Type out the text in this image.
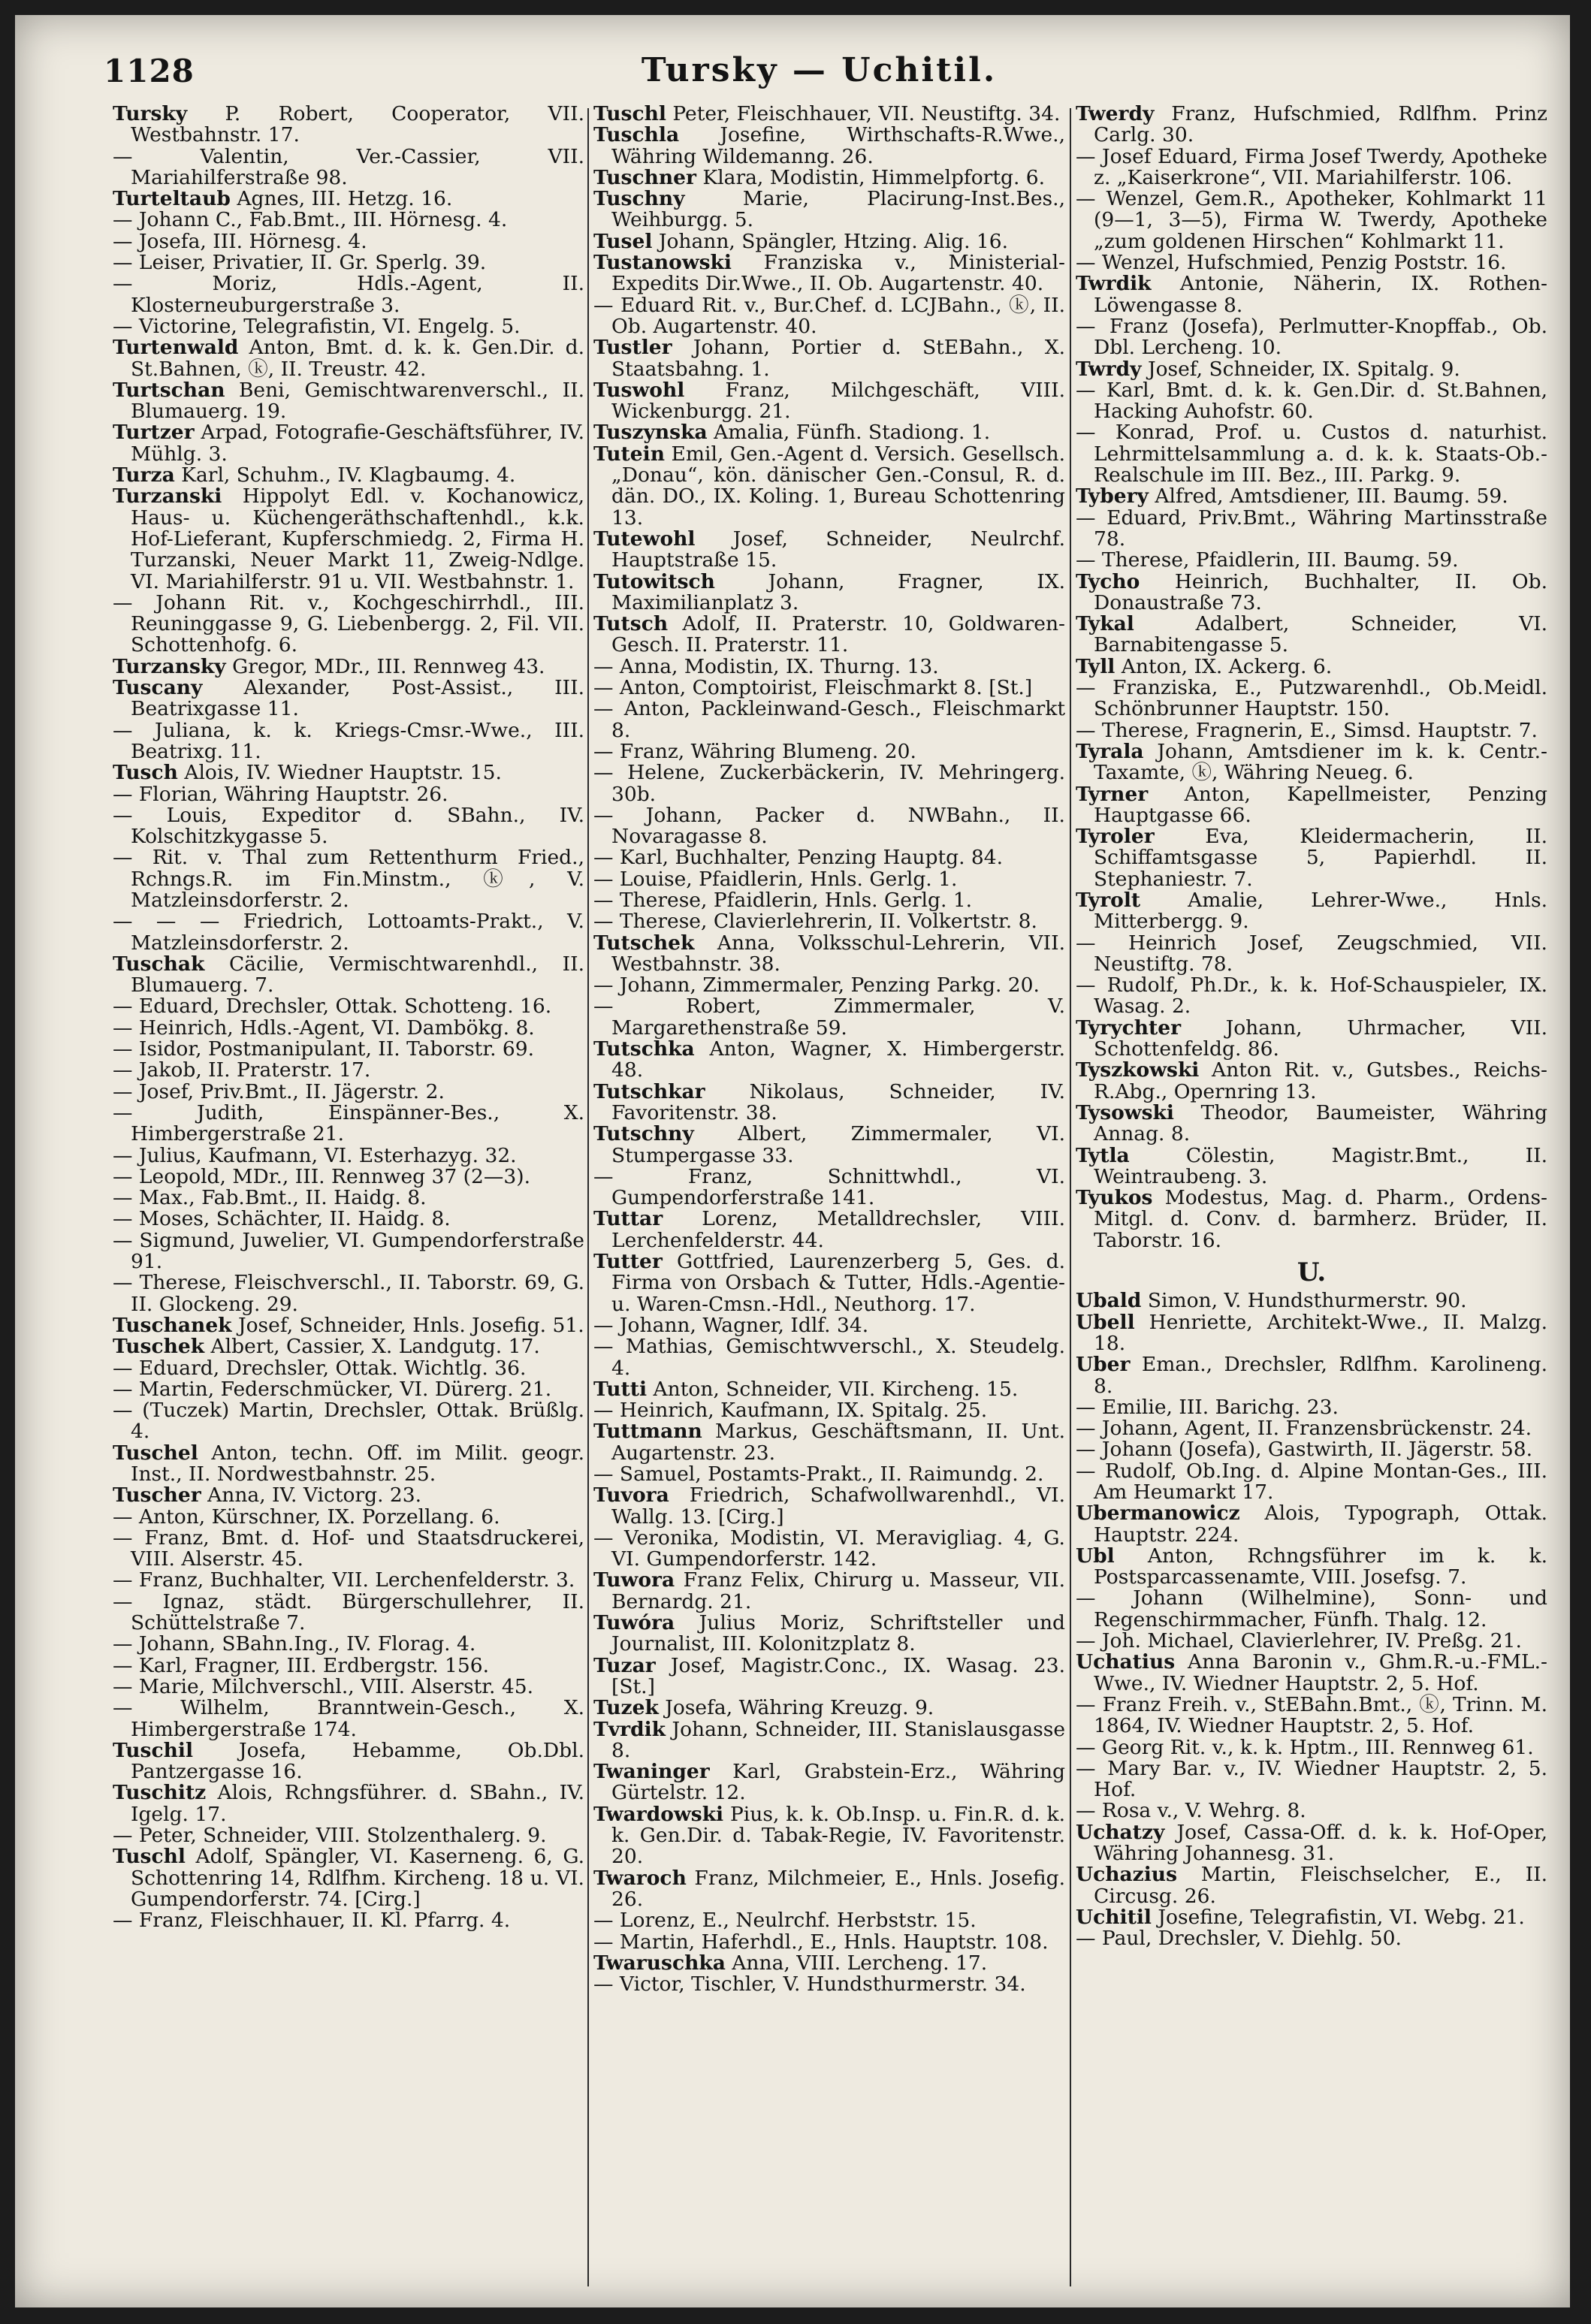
1128	Tursky — Uchitil.
Tursky P. Robert, Cooperator, VII. Westbahnstr. 17.
— Valentin, Ver.-Cassier, VII. Mariahilferstraße 98.
Turteltaub Agnes, III. Hetzg. 16.
— Johann C., Fab.Bmt., III. Hörnesg. 4.
— Josefa, III. Hörnesg. 4.
— Leiser, Privatier, II. Gr. Sperlg. 39.
— Moriz, Hdls.-Agent, II. Klosterneuburgerstraße 3.
— Victorine, Telegrafistin, VI. Engelg. 5.
Turtenwald Anton, Bmt. d. k. k. Gen.Dir. d. St.Bahnen, ⓚ, II. Treustr. 42.
Turtschan Beni, Gemischtwarenverschl., II. Blumauerg. 19.
Turtzer Arpad, Fotografie-Geschäftsführer, IV. Mühlg. 3.
Turza Karl, Schuhm., IV. Klagbaumg. 4.
Turzanski Hippolyt Edl. v. Kochanowicz, Haus- u. Küchengeräthschaftenhdl., k.k. Hof-Lieferant, Kupferschmiedg. 2, Firma H. Turzanski, Neuer Markt 11, Zweig-Ndlge. VI. Mariahilferstr. 91 u. VII. Westbahnstr. 1.
— Johann Rit. v., Kochgeschirrhdl., III. Reuninggasse 9, G. Liebenbergg. 2, Fil. VII. Schottenhofg. 6.
Turzansky Gregor, MDr., III. Rennweg 43.
Tuscany Alexander, Post-Assist., III. Beatrixgasse 11.
— Juliana, k. k. Kriegs-Cmsr.-Wwe., III. Beatrixg. 11.
Tusch Alois, IV. Wiedner Hauptstr. 15.
— Florian, Währing Hauptstr. 26.
— Louis, Expeditor d. SBahn., IV. Kolschitzkygasse 5.
— Rit. v. Thal zum Rettenthurm Fried., Rchngs.R. im Fin.Minstm., ⓚ, V. Matzleinsdorferstr. 2.
— — — Friedrich, Lottoamts-Prakt., V. Matzleinsdorferstr. 2.
Tuschak Cäcilie, Vermischtwarenhdl., II. Blumauerg. 7.
— Eduard, Drechsler, Ottak. Schotteng. 16.
— Heinrich, Hdls.-Agent, VI. Dambökg. 8.
— Isidor, Postmanipulant, II. Taborstr. 69.
— Jakob, II. Praterstr. 17.
— Josef, Priv.Bmt., II. Jägerstr. 2.
— Judith, Einspänner-Bes., X. Himbergerstraße 21.
— Julius, Kaufmann, VI. Esterhazyg. 32.
— Leopold, MDr., III. Rennweg 37 (2—3).
— Max., Fab.Bmt., II. Haidg. 8.
— Moses, Schächter, II. Haidg. 8.
— Sigmund, Juwelier, VI. Gumpendorferstraße 91.
— Therese, Fleischverschl., II. Taborstr. 69, G. II. Glockeng. 29.
Tuschanek Josef, Schneider, Hnls. Josefig. 51.
Tuschek Albert, Cassier, X. Landgutg. 17.
— Eduard, Drechsler, Ottak. Wichtlg. 36.
— Martin, Federschmücker, VI. Dürerg. 21.
— (Tuczek) Martin, Drechsler, Ottak. Brüßlg. 4.
Tuschel Anton, techn. Off. im Milit. geogr. Inst., II. Nordwestbahnstr. 25.
Tuscher Anna, IV. Victorg. 23.
— Anton, Kürschner, IX. Porzellang. 6.
— Franz, Bmt. d. Hof- und Staatsdruckerei, VIII. Alserstr. 45.
— Franz, Buchhalter, VII. Lerchenfelderstr. 3.
— Ignaz, städt. Bürgerschullehrer, II. Schüttelstraße 7.
— Johann, SBahn.Ing., IV. Florag. 4.
— Karl, Fragner, III. Erdbergstr. 156.
— Marie, Milchverschl., VIII. Alserstr. 45.
— Wilhelm, Branntwein-Gesch., X. Himbergerstraße 174.
Tuschil Josefa, Hebamme, Ob.Dbl. Pantzergasse 16.
Tuschitz Alois, Rchngsführer. d. SBahn., IV. Igelg. 17.
— Peter, Schneider, VIII. Stolzenthalerg. 9.
Tuschl Adolf, Spängler, VI. Kaserneng. 6, G. Schottenring 14, Rdlfhm. Kircheng. 18 u. VI. Gumpendorferstr. 74. [Cirg.]
— Franz, Fleischhauer, II. Kl. Pfarrg. 4.
Tuschl Peter, Fleischhauer, VII. Neustiftg. 34.
Tuschla Josefine, Wirthschafts-R.Wwe., Währing Wildemanng. 26.
Tuschner Klara, Modistin, Himmelpfortg. 6.
Tuschny Marie, Placirung-Inst.Bes., Weihburgg. 5.
Tusel Johann, Spängler, Htzing. Alig. 16.
Tustanowski Franziska v., Ministerial-Expedits Dir.Wwe., II. Ob. Augartenstr. 40.
— Eduard Rit. v., Bur.Chef. d. LCJBahn., ⓚ, II. Ob. Augartenstr. 40.
Tustler Johann, Portier d. StEBahn., X. Staatsbahng. 1.
Tuswohl Franz, Milchgeschäft, VIII. Wickenburgg. 21.
Tuszynska Amalia, Fünfh. Stadiong. 1.
Tutein Emil, Gen.-Agent d. Versich. Gesellsch. „Donau“, kön. dänischer Gen.-Consul, R. d. dän. DO., IX. Koling. 1, Bureau Schottenring 13.
Tutewohl Josef, Schneider, Neulrchf. Hauptstraße 15.
Tutowitsch Johann, Fragner, IX. Maximilianplatz 3.
Tutsch Adolf, II. Praterstr. 10, Goldwaren-Gesch. II. Praterstr. 11.
— Anna, Modistin, IX. Thurng. 13.
— Anton, Comptoirist, Fleischmarkt 8. [St.]
— Anton, Packleinwand-Gesch., Fleischmarkt 8.
— Franz, Währing Blumeng. 20.
— Helene, Zuckerbäckerin, IV. Mehringerg. 30b.
— Johann, Packer d. NWBahn., II. Novaragasse 8.
— Karl, Buchhalter, Penzing Hauptg. 84.
— Louise, Pfaidlerin, Hnls. Gerlg. 1.
— Therese, Pfaidlerin, Hnls. Gerlg. 1.
— Therese, Clavierlehrerin, II. Volkertstr. 8.
Tutschek Anna, Volksschul-Lehrerin, VII. Westbahnstr. 38.
— Johann, Zimmermaler, Penzing Parkg. 20.
— Robert, Zimmermaler, V. Margarethenstraße 59.
Tutschka Anton, Wagner, X. Himbergerstr. 48.
Tutschkar Nikolaus, Schneider, IV. Favoritenstr. 38.
Tutschny Albert, Zimmermaler, VI. Stumpergasse 33.
— Franz, Schnittwhdl., VI. Gumpendorferstraße 141.
Tuttar Lorenz, Metalldrechsler, VIII. Lerchenfelderstr. 44.
Tutter Gottfried, Laurenzerberg 5, Ges. d. Firma von Orsbach & Tutter, Hdls.-Agentie- u. Waren-Cmsn.-Hdl., Neuthorg. 17.
— Johann, Wagner, Idlf. 34.
— Mathias, Gemischtwverschl., X. Steudelg. 4.
Tutti Anton, Schneider, VII. Kircheng. 15.
— Heinrich, Kaufmann, IX. Spitalg. 25.
Tuttmann Markus, Geschäftsmann, II. Unt. Augartenstr. 23.
— Samuel, Postamts-Prakt., II. Raimundg. 2.
Tuvora Friedrich, Schafwollwarenhdl., VI. Wallg. 13. [Cirg.]
— Veronika, Modistin, VI. Meravigliag. 4, G. VI. Gumpendorferstr. 142.
Tuwora Franz Felix, Chirurg u. Masseur, VII. Bernardg. 21.
Tuwóra Julius Moriz, Schriftsteller und Journalist, III. Kolonitzplatz 8.
Tuzar Josef, Magistr.Conc., IX. Wasag. 23. [St.]
Tuzek Josefa, Währing Kreuzg. 9.
Tvrdik Johann, Schneider, III. Stanislausgasse 8.
Twaninger Karl, Grabstein-Erz., Währing Gürtelstr. 12.
Twardowski Pius, k. k. Ob.Insp. u. Fin.R. d. k. k. Gen.Dir. d. Tabak-Regie, IV. Favoritenstr. 20.
Twaroch Franz, Milchmeier, E., Hnls. Josefig. 26.
— Lorenz, E., Neulrchf. Herbststr. 15.
— Martin, Haferhdl., E., Hnls. Hauptstr. 108.
Twaruschka Anna, VIII. Lercheng. 17.
— Victor, Tischler, V. Hundsthurmerstr. 34.
Twerdy Franz, Hufschmied, Rdlfhm. Prinz Carlg. 30.
— Josef Eduard, Firma Josef Twerdy, Apotheke z. „Kaiserkrone“, VII. Mariahilferstr. 106.
— Wenzel, Gem.R., Apotheker, Kohlmarkt 11 (9—1, 3—5), Firma W. Twerdy, Apotheke „zum goldenen Hirschen“ Kohlmarkt 11.
— Wenzel, Hufschmied, Penzig Poststr. 16.
Twrdik Antonie, Näherin, IX. Rothen-Löwengasse 8.
— Franz (Josefa), Perlmutter-Knopffab., Ob. Dbl. Lercheng. 10.
Twrdy Josef, Schneider, IX. Spitalg. 9.
— Karl, Bmt. d. k. k. Gen.Dir. d. St.Bahnen, Hacking Auhofstr. 60.
— Konrad, Prof. u. Custos d. naturhist. Lehrmittelsammlung a. d. k. k. Staats-Ob.-Realschule im III. Bez., III. Parkg. 9.
Tybery Alfred, Amtsdiener, III. Baumg. 59.
— Eduard, Priv.Bmt., Währing Martinsstraße 78.
— Therese, Pfaidlerin, III. Baumg. 59.
Tycho Heinrich, Buchhalter, II. Ob. Donaustraße 73.
Tykal Adalbert, Schneider, VI. Barnabitengasse 5.
Tyll Anton, IX. Ackerg. 6.
— Franziska, E., Putzwarenhdl., Ob.Meidl. Schönbrunner Hauptstr. 150.
— Therese, Fragnerin, E., Simsd. Hauptstr. 7.
Tyrala Johann, Amtsdiener im k. k. Centr.-Taxamte, ⓚ, Währing Neueg. 6.
Tyrner Anton, Kapellmeister, Penzing Hauptgasse 66.
Tyroler Eva, Kleidermacherin, II. Schiffamtsgasse 5, Papierhdl. II. Stephaniestr. 7.
Tyrolt Amalie, Lehrer-Wwe., Hnls. Mitterbergg. 9.
— Heinrich Josef, Zeugschmied, VII. Neustiftg. 78.
— Rudolf, Ph.Dr., k. k. Hof-Schauspieler, IX. Wasag. 2.
Tyrychter Johann, Uhrmacher, VII. Schottenfeldg. 86.
Tyszkowski Anton Rit. v., Gutsbes., Reichs-R.Abg., Opernring 13.
Tysowski Theodor, Baumeister, Währing Annag. 8.
Tytla Cölestin, Magistr.Bmt., II. Weintraubeng. 3.
Tyukos Modestus, Mag. d. Pharm., Ordens-Mitgl. d. Conv. d. barmherz. Brüder, II. Taborstr. 16.
U.
Ubald Simon, V. Hundsthurmerstr. 90.
Ubell Henriette, Architekt-Wwe., II. Malzg. 18.
Uber Eman., Drechsler, Rdlfhm. Karolineng. 8.
— Emilie, III. Barichg. 23.
— Johann, Agent, II. Franzensbrückenstr. 24.
— Johann (Josefa), Gastwirth, II. Jägerstr. 58.
— Rudolf, Ob.Ing. d. Alpine Montan-Ges., III. Am Heumarkt 17.
Ubermanowicz Alois, Typograph, Ottak. Hauptstr. 224.
Ubl Anton, Rchngsführer im k. k. Postsparcassenamte, VIII. Josefsg. 7.
— Johann (Wilhelmine), Sonn- und Regenschirmmacher, Fünfh. Thalg. 12.
— Joh. Michael, Clavierlehrer, IV. Preßg. 21.
Uchatius Anna Baronin v., Ghm.R.-u.-FML.-Wwe., IV. Wiedner Hauptstr. 2, 5. Hof.
— Franz Freih. v., StEBahn.Bmt., ⓚ, Trinn. M. 1864, IV. Wiedner Hauptstr. 2, 5. Hof.
— Georg Rit. v., k. k. Hptm., III. Rennweg 61.
— Mary Bar. v., IV. Wiedner Hauptstr. 2, 5. Hof.
— Rosa v., V. Wehrg. 8.
Uchatzy Josef, Cassa-Off. d. k. k. Hof-Oper, Währing Johannesg. 31.
Uchazius Martin, Fleischselcher, E., II. Circusg. 26.
Uchitil Josefine, Telegrafistin, VI. Webg. 21.
— Paul, Drechsler, V. Diehlg. 50.
